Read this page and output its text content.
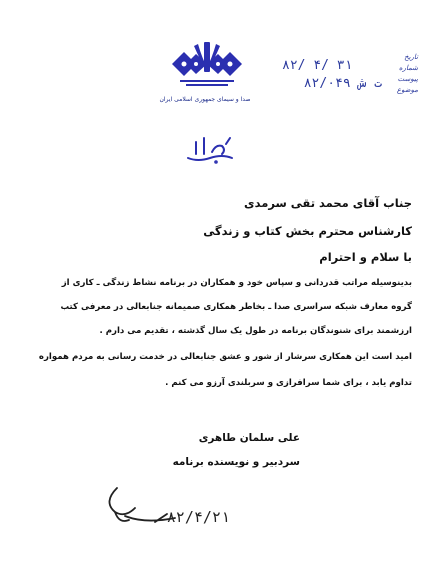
صدا و سیمای جمهوری اسلامی ایران
بسمه تعالی
۸۲/ ۴/ ۳۱
ت ش ۸۲/۰۴۹
تاریخ
شماره
پیوست
موضوع
جناب آقای محمد تقی سرمدی
کارشناس محترم بخش کتاب و زندگی
با سلام و احترام
بدینوسیله مراتب قدردانی و سپاس خود و همکاران در برنامه نشاط زندگی ـ کاری از
گروه معارف شبکه سراسری صدا ـ بخاطر همکاری صمیمانه جنابعالی در معرفی کتب
ارزشمند برای شنوندگان برنامه در طول یک سال گذشته ، تقدیم می دارم .
امید است این همکاری سرشار از شور و عشق جنابعالی در خدمت رسانی به مردم همواره
تداوم یابد ، برای شما سرافرازی و سربلندی آرزو می کنم .
علی سلمان طاهری
سردبیر و نویسنده برنامه
۸۲/۴/۲۱
